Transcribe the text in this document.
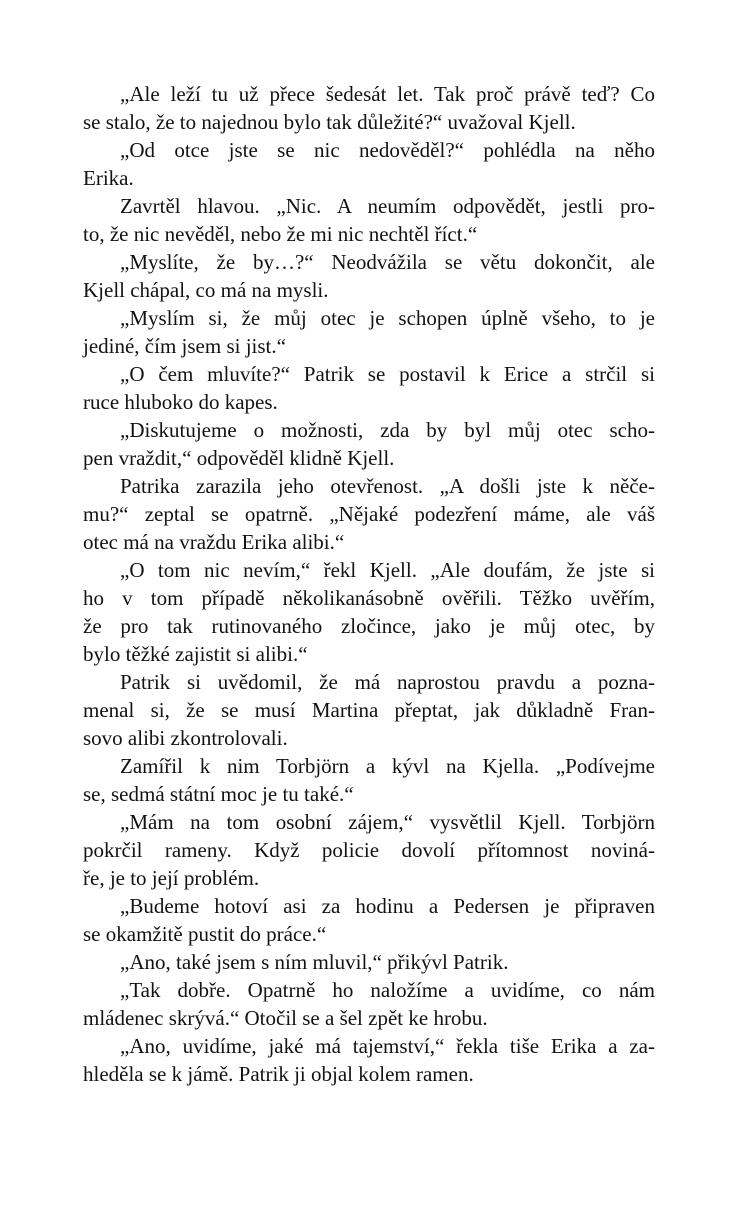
„Ale leží tu už přece šedesát let. Tak proč právě teď? Co
se stalo, že to najednou bylo tak důležité?“ uvažoval Kjell.

„Od otce jste se nic nedověděl?“ pohlédla na něho
Erika.

Zavrtěl hlavou. „Nic. A neumím odpovědět, jestli pro-
to, že nic nevěděl, nebo že mi nic nechtěl říct.“

„Myslíte, že by…?“ Neodvážila se větu dokončit, ale
Kjell chápal, co má na mysli.

„Myslím si, že můj otec je schopen úplně všeho, to je
jediné, čím jsem si jist.“

„O čem mluvíte?“ Patrik se postavil k Erice a strčil si
ruce hluboko do kapes.

„Diskutujeme o možnosti, zda by byl můj otec scho-
pen vraždit,“ odpověděl klidně Kjell.

Patrika zarazila jeho otevřenost. „A došli jste k něče-
mu?“ zeptal se opatrně. „Nějaké podezření máme, ale váš
otec má na vraždu Erika alibi.“

„O tom nic nevím,“ řekl Kjell. „Ale doufám, že jste si
ho v tom případě několikanásobně ověřili. Těžko uvěřím,
že pro tak rutinovaného zločince, jako je můj otec, by
bylo těžké zajistit si alibi.“

Patrik si uvědomil, že má naprostou pravdu a pozna-
menal si, že se musí Martina přeptat, jak důkladně Fran-
sovo alibi zkontrolovali.

Zamířil k nim Torbjörn a kývl na Kjella. „Podívejme
se, sedmá státní moc je tu také.“

„Mám na tom osobní zájem,“ vysvětlil Kjell. Torbjörn
pokrčil rameny. Když policie dovolí přítomnost noviná-
ře, je to její problém.

„Budeme hotoví asi za hodinu a Pedersen je připraven
se okamžitě pustit do práce.“

„Ano, také jsem s ním mluvil,“ přikývl Patrik.

„Tak dobře. Opatrně ho naložíme a uvidíme, co nám
mládenec skrývá.“ Otočil se a šel zpět ke hrobu.

„Ano, uvidíme, jaké má tajemství,“ řekla tiše Erika a za-
hleděla se k jámě. Patrik ji objal kolem ramen.
